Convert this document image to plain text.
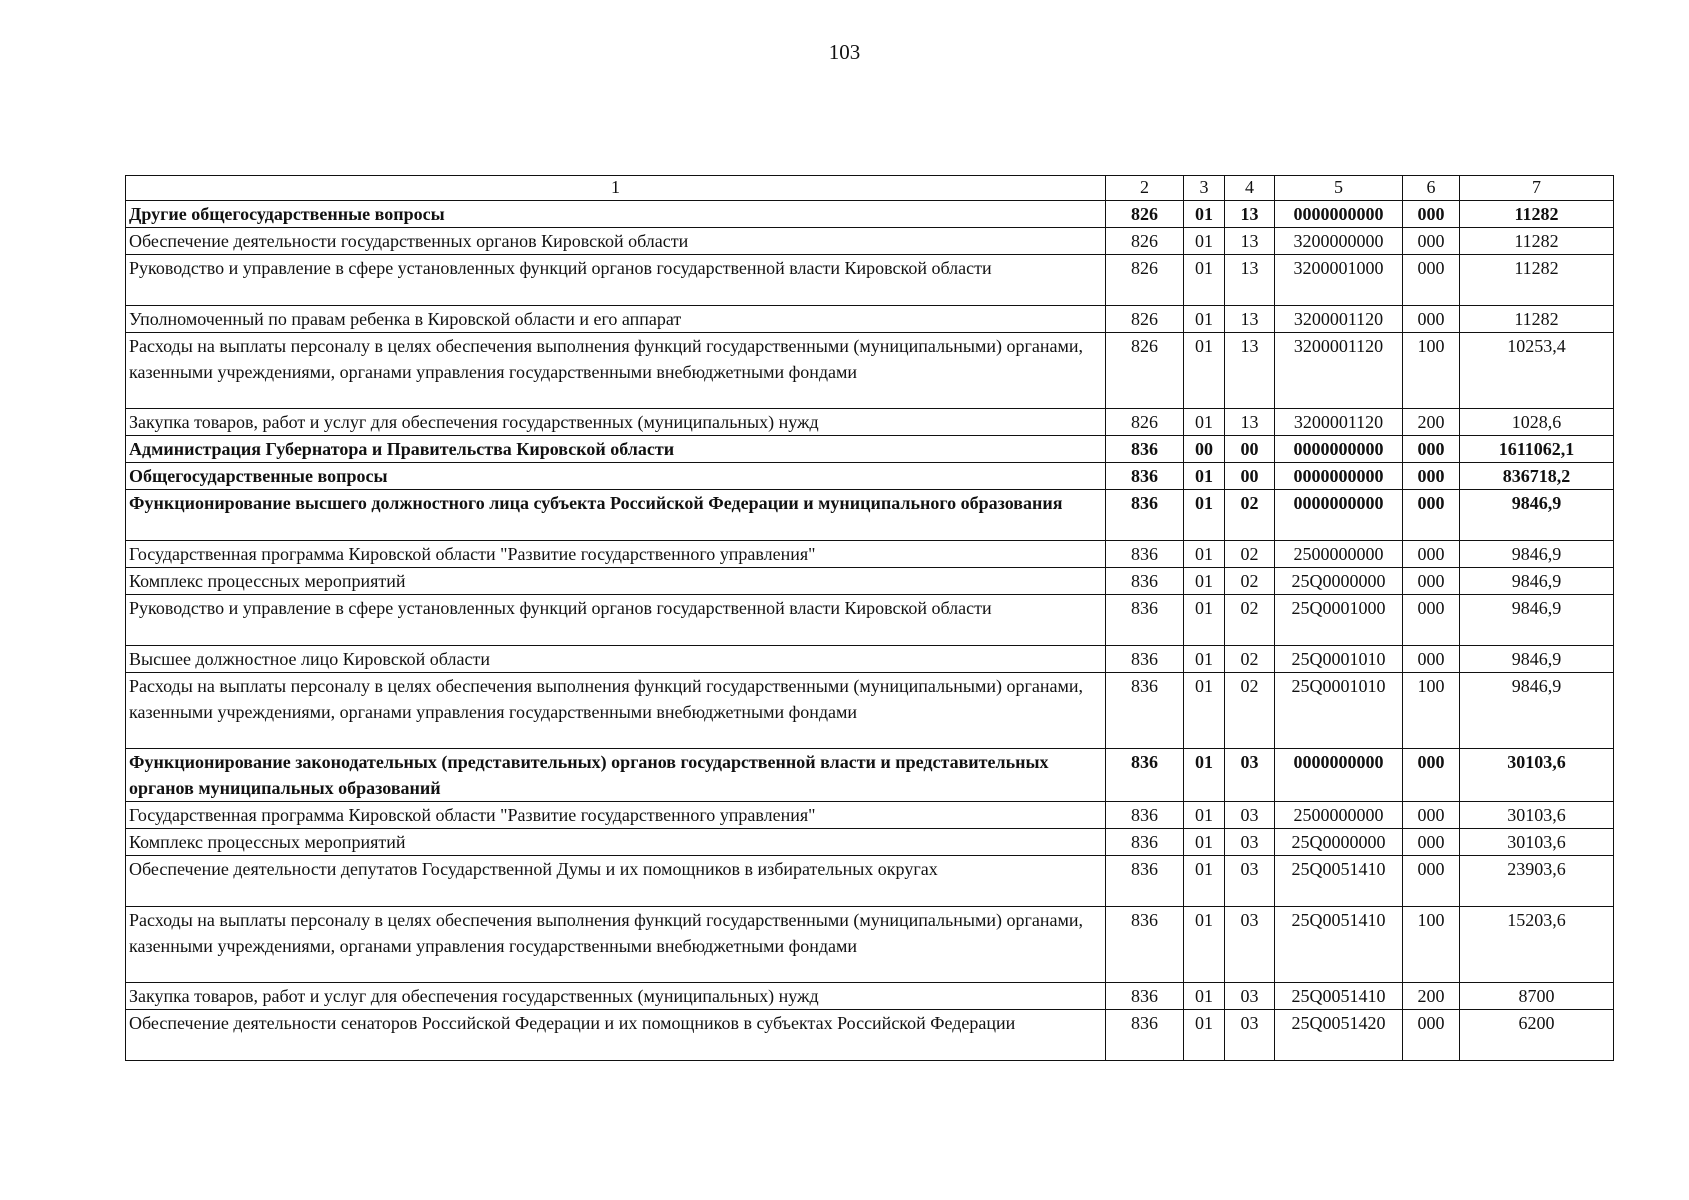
103
1	2	3	4	5	6	7
Другие общегосударственные вопросы	826	01	13	0000000000	000	11282
Обеспечение деятельности государственных органов Кировской области	826	01	13	3200000000	000	11282
Руководство и управление в сфере установленных функций органов государственной власти Кировской области	826	01	13	3200001000	000	11282
Уполномоченный по правам ребенка в Кировской области и его аппарат	826	01	13	3200001120	000	11282
Расходы на выплаты персоналу в целях обеспечения выполнения функций государственными (муниципальными) органами, казенными учреждениями, органами управления государственными внебюджетными фондами	826	01	13	3200001120	100	10253,4
Закупка товаров, работ и услуг для обеспечения государственных (муниципальных) нужд	826	01	13	3200001120	200	1028,6
Администрация Губернатора и Правительства Кировской области	836	00	00	0000000000	000	1611062,1
Общегосударственные вопросы	836	01	00	0000000000	000	836718,2
Функционирование высшего должностного лица субъекта Российской Федерации и муниципального образования	836	01	02	0000000000	000	9846,9
Государственная программа Кировской области "Развитие государственного управления"	836	01	02	2500000000	000	9846,9
Комплекс процессных мероприятий	836	01	02	25Q0000000	000	9846,9
Руководство и управление в сфере установленных функций органов государственной власти Кировской области	836	01	02	25Q0001000	000	9846,9
Высшее должностное лицо Кировской области	836	01	02	25Q0001010	000	9846,9
Расходы на выплаты персоналу в целях обеспечения выполнения функций государственными (муниципальными) органами, казенными учреждениями, органами управления государственными внебюджетными фондами	836	01	02	25Q0001010	100	9846,9
Функционирование законодательных (представительных) органов государственной власти и представительных органов муниципальных образований	836	01	03	0000000000	000	30103,6
Государственная программа Кировской области "Развитие государственного управления"	836	01	03	2500000000	000	30103,6
Комплекс процессных мероприятий	836	01	03	25Q0000000	000	30103,6
Обеспечение деятельности депутатов Государственной Думы и их помощников в избирательных округах	836	01	03	25Q0051410	000	23903,6
Расходы на выплаты персоналу в целях обеспечения выполнения функций государственными (муниципальными) органами, казенными учреждениями, органами управления государственными внебюджетными фондами	836	01	03	25Q0051410	100	15203,6
Закупка товаров, работ и услуг для обеспечения государственных (муниципальных) нужд	836	01	03	25Q0051410	200	8700
Обеспечение деятельности сенаторов Российской Федерации и их помощников в субъектах Российской Федерации	836	01	03	25Q0051420	000	6200
